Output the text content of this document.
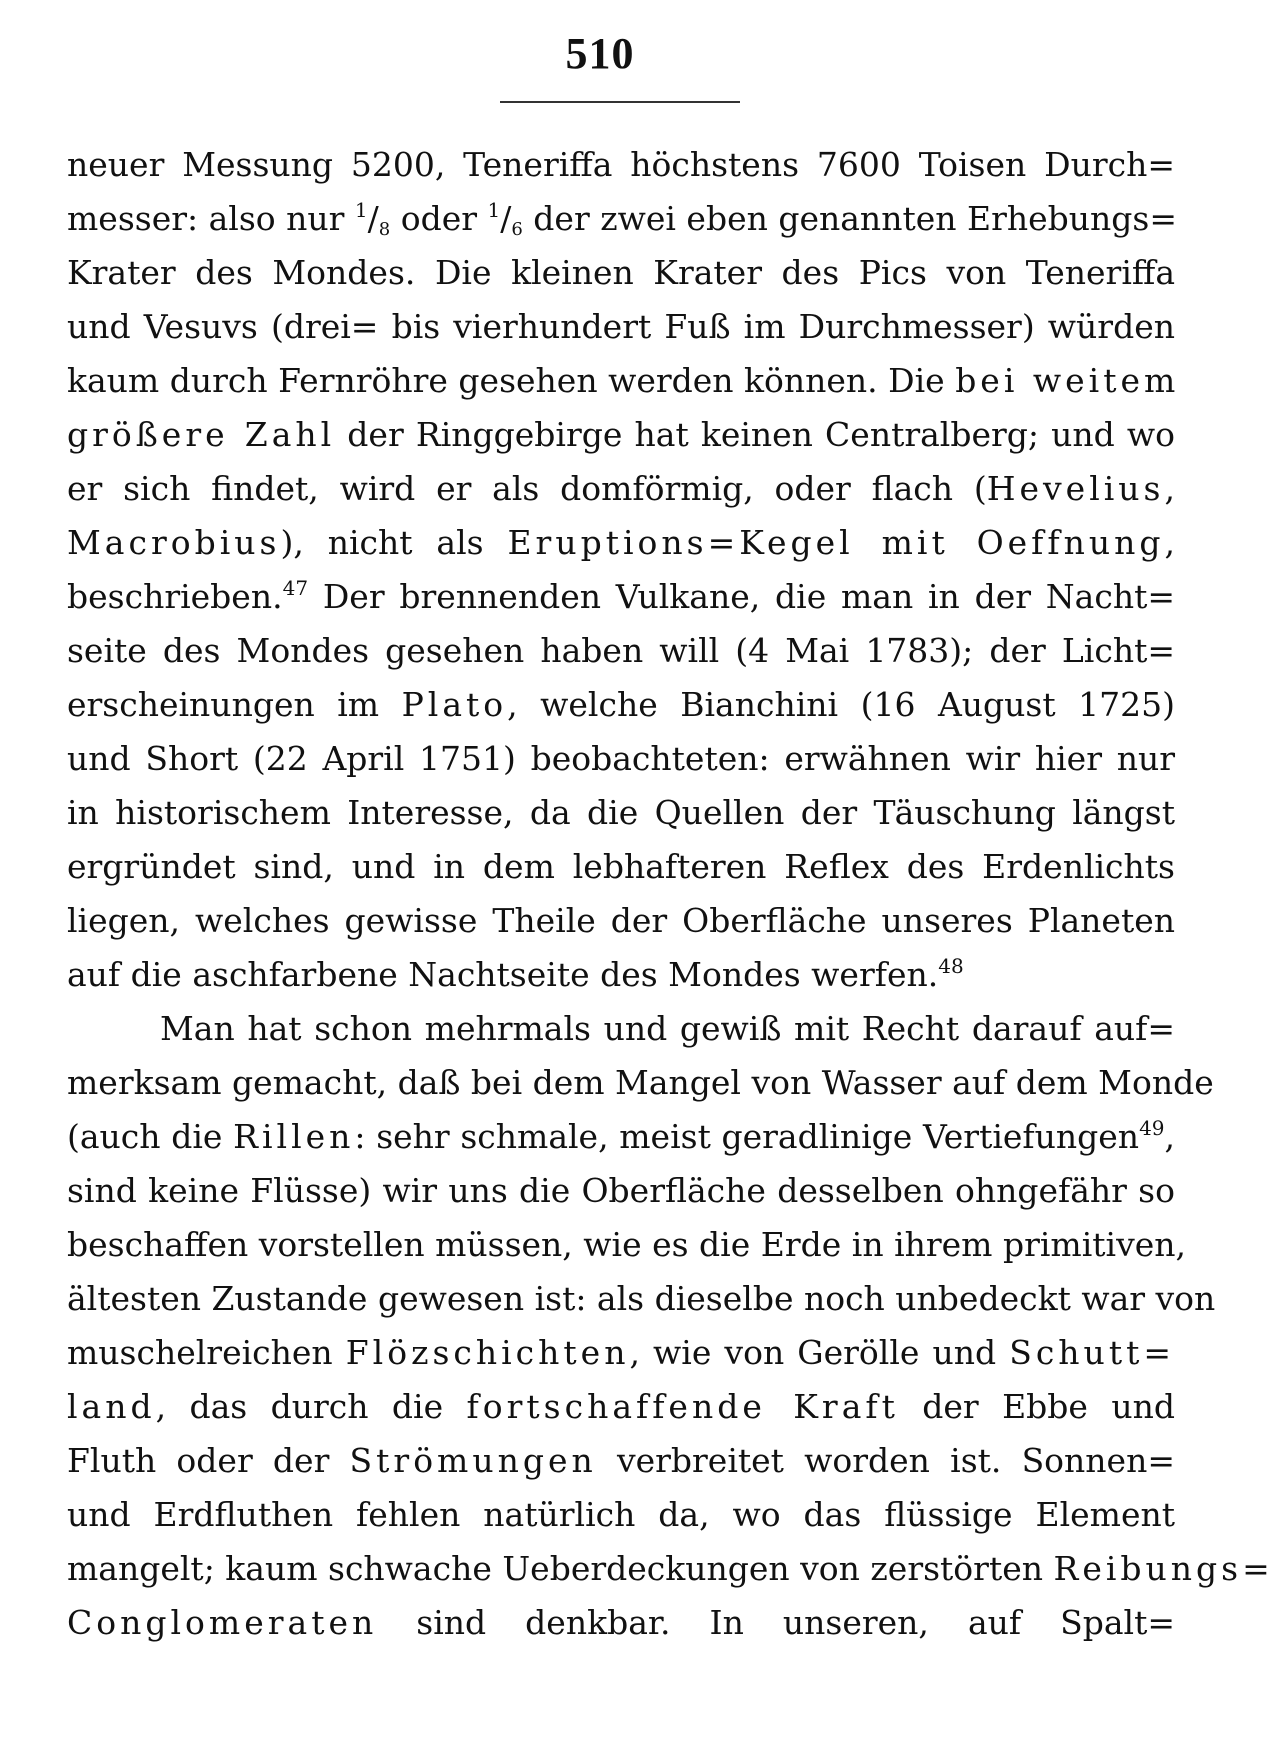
510
neuer Messung 5200, Teneriffa höchstens 7600 Toisen Durch=
messer: also nur $^1/_8$ oder $^1/_6$ der zwei eben genannten Erhebungs=
Krater des Mondes. Die kleinen Krater des Pics von Teneriffa
und Vesuvs (drei= bis vierhundert Fuß im Durchmesser) würden
kaum durch Fernröhre gesehen werden können. Die bei weitem
größere Zahl der Ringgebirge hat keinen Centralberg; und wo
er sich findet, wird er als domförmig, oder flach (Hevelius,
Macrobius), nicht als Eruptions=Kegel mit Oeffnung,
beschrieben.$^{47}$ Der brennenden Vulkane, die man in der Nacht=
seite des Mondes gesehen haben will (4 Mai 1783); der Licht=
erscheinungen im Plato, welche Bianchini (16 August 1725)
und Short (22 April 1751) beobachteten: erwähnen wir hier nur
in historischem Interesse, da die Quellen der Täuschung längst
ergründet sind, und in dem lebhafteren Reflex des Erdenlichts
liegen, welches gewisse Theile der Oberfläche unseres Planeten
auf die aschfarbene Nachtseite des Mondes werfen.$^{48}$
Man hat schon mehrmals und gewiß mit Recht darauf auf=
merksam gemacht, daß bei dem Mangel von Wasser auf dem Monde
(auch die Rillen: sehr schmale, meist geradlinige Vertiefungen$^{49}$,
sind keine Flüsse) wir uns die Oberfläche desselben ohngefähr so
beschaffen vorstellen müssen, wie es die Erde in ihrem primitiven,
ältesten Zustande gewesen ist: als dieselbe noch unbedeckt war von
muschelreichen Flözschichten, wie von Gerölle und Schutt=
land, das durch die fortschaffende Kraft der Ebbe und
Fluth oder der Strömungen verbreitet worden ist. Sonnen=
und Erdfluthen fehlen natürlich da, wo das flüssige Element
mangelt; kaum schwache Ueberdeckungen von zerstörten Reibungs=
Conglomeraten sind denkbar. In unseren, auf Spalt=
